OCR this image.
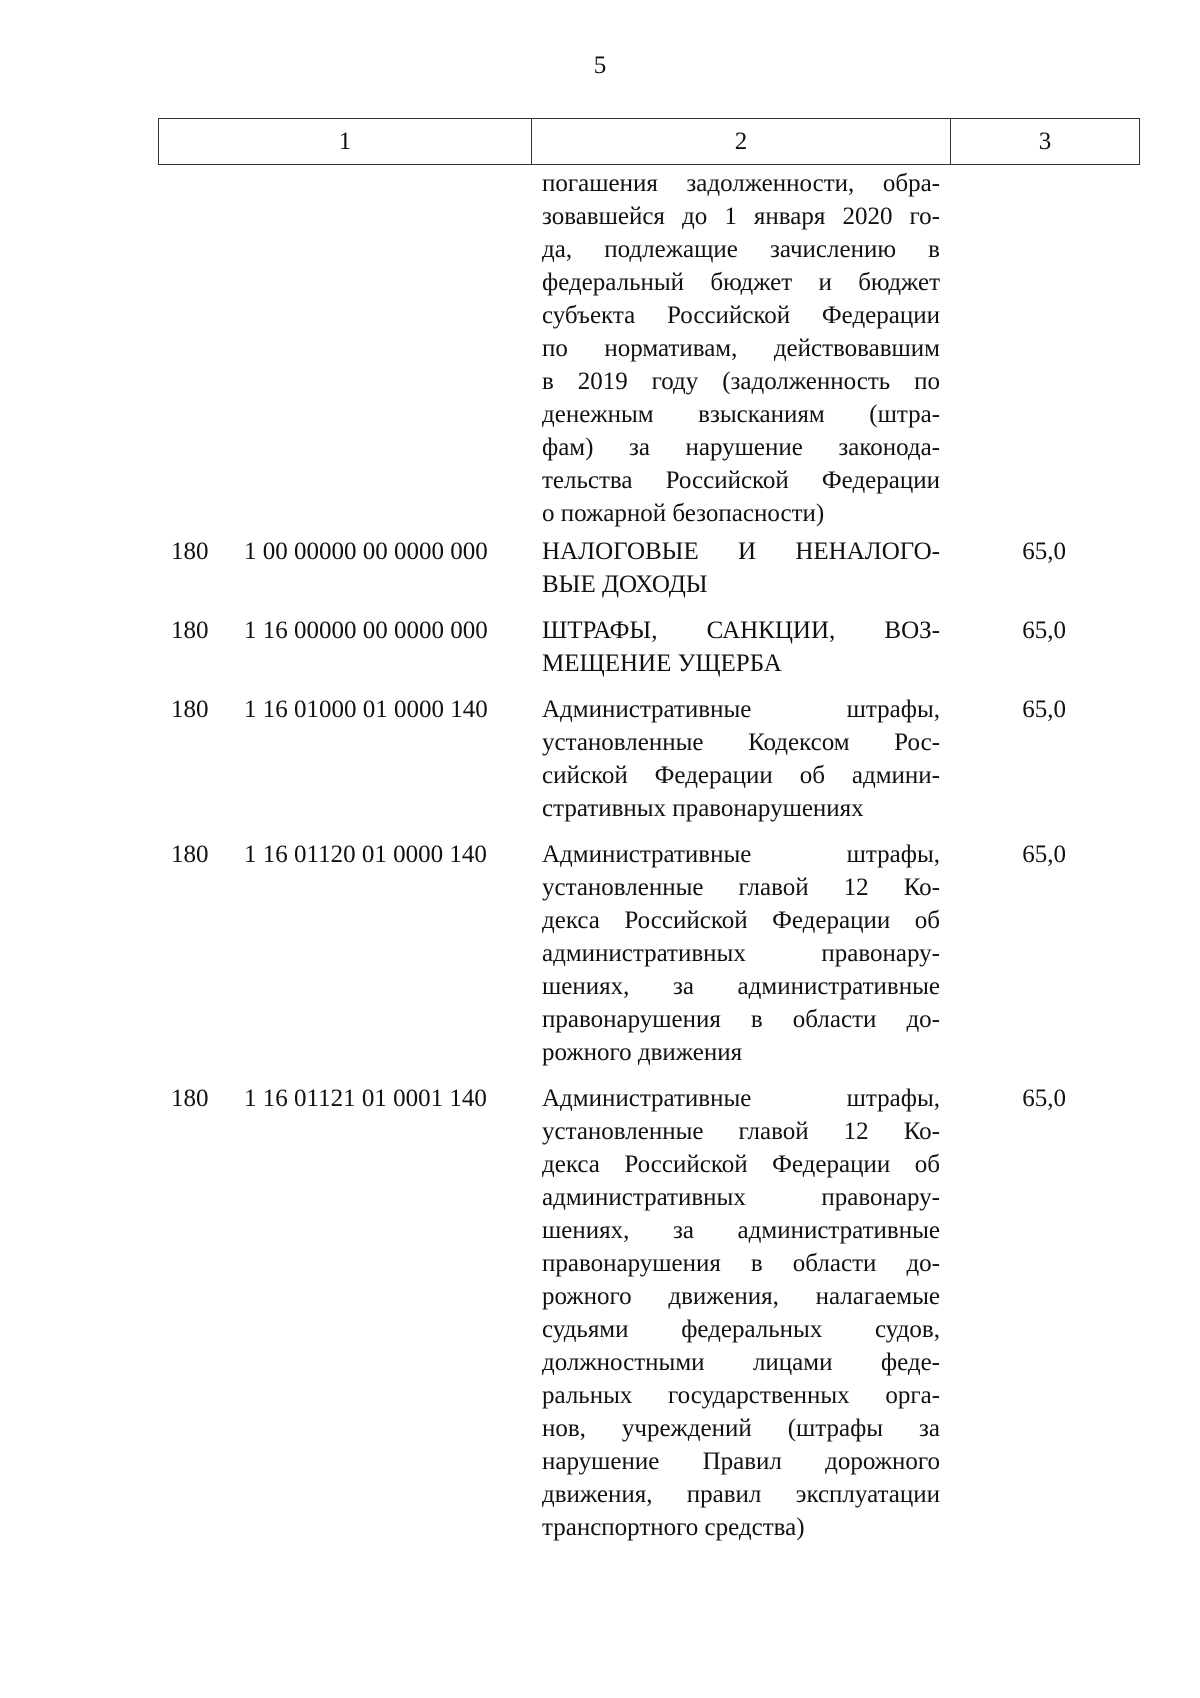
5
1	2	3
погашения задолженности, обра-
зовавшейся до 1 января 2020 го-
да, подлежащие зачислению в
федеральный бюджет и бюджет
субъекта Российской Федерации
по нормативам, действовавшим
в 2019 году (задолженность по
денежным взысканиям (штра-
фам) за нарушение законода-
тельства Российской Федерации
о пожарной безопасности)
180	1 00 00000 00 0000 000	НАЛОГОВЫЕ И НЕНАЛОГО-
ВЫЕ ДОХОДЫ
65,0
180	1 16 00000 00 0000 000	ШТРАФЫ, САНКЦИИ, ВОЗ-
МЕЩЕНИЕ УЩЕРБА
65,0
180	1 16 01000 01 0000 140	Административные штрафы,
установленные Кодексом Рос-
сийской Федерации об админи-
стративных правонарушениях
65,0
180	1 16 01120 01 0000 140	Административные штрафы,
установленные главой 12 Ко-
декса Российской Федерации об
административных правонару-
шениях, за административные
правонарушения в области до-
рожного движения
65,0
180	1 16 01121 01 0001 140	Административные штрафы,
установленные главой 12 Ко-
декса Российской Федерации об
административных правонару-
шениях, за административные
правонарушения в области до-
рожного движения, налагаемые
судьями федеральных судов,
должностными лицами феде-
ральных государственных орга-
нов, учреждений (штрафы за
нарушение Правил дорожного
движения, правил эксплуатации
транспортного средства)
65,0
